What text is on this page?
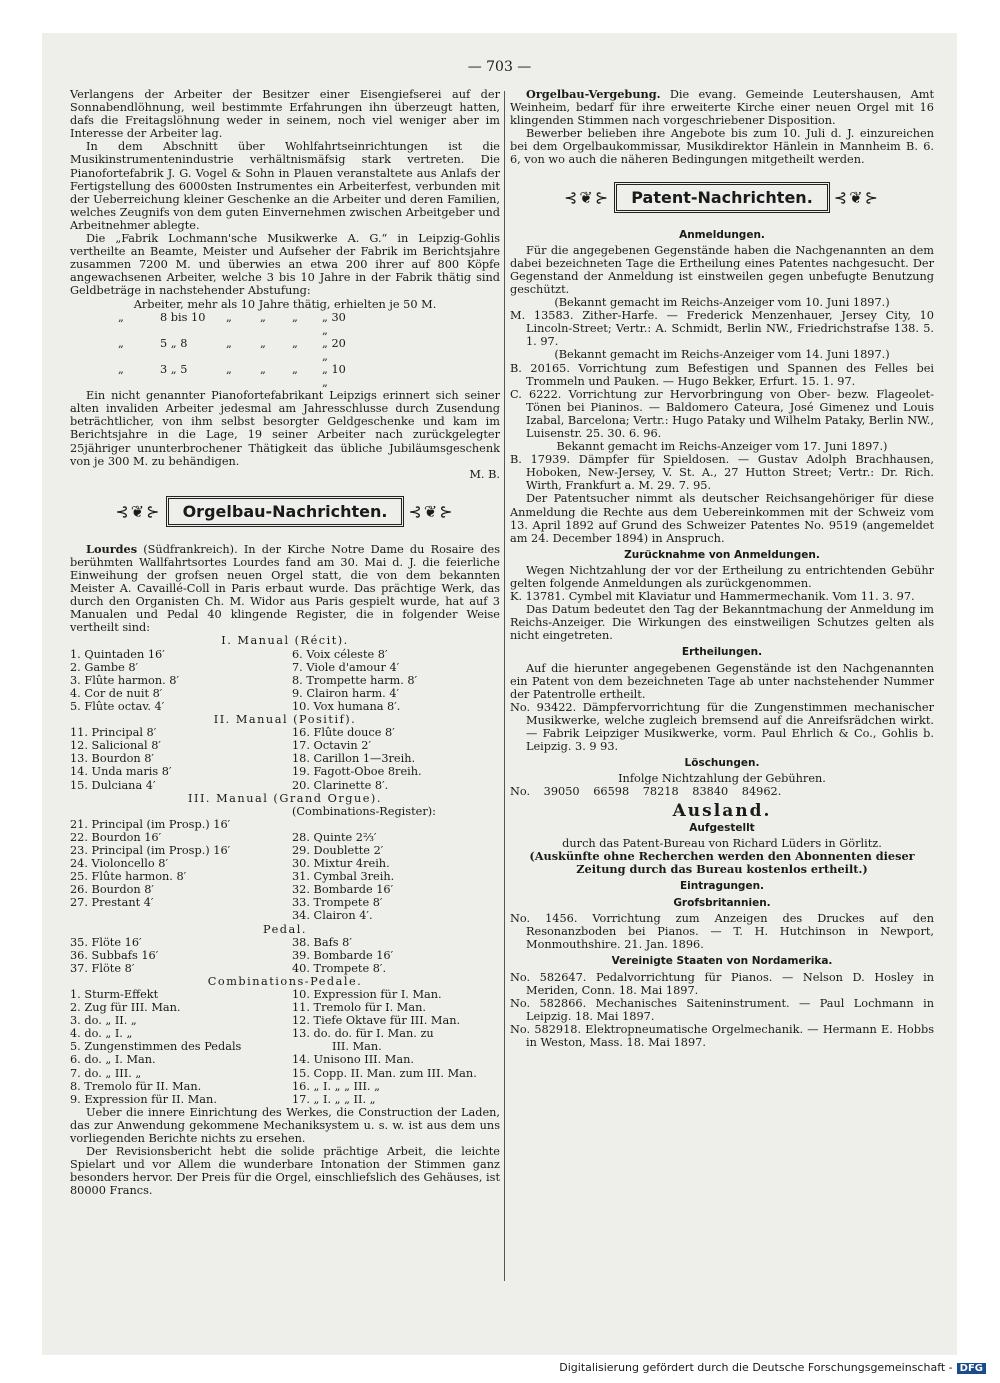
— 703 —

Verlangens der Arbeiter der Besitzer einer Eisengiefserei auf der Sonnabendlöhnung, weil bestimmte Erfahrungen ihn überzeugt hatten, dafs die Freitagslöhnung weder in seinem, noch viel weniger aber im Interesse der Arbeiter lag.

In dem Abschnitt über Wohlfahrtseinrichtungen ist die Musikinstrumentenindustrie verhältnismäfsig stark vertreten. Die Pianofortefabrik J. G. Vogel & Sohn in Plauen veranstaltete aus Anlafs der Fertigstellung des 6000sten Instrumentes ein Arbeiterfest, verbunden mit der Ueberreichung kleiner Geschenke an die Arbeiter und deren Familien, welches Zeugnifs von dem guten Einvernehmen zwischen Arbeitgeber und Arbeitnehmer ablegte.

Die „Fabrik Lochmann'sche Musikwerke A. G.“ in Leipzig-Gohlis vertheilte an Beamte, Meister und Aufseher der Fabrik im Berichtsjahre zusammen 7200 M. und überwies an etwa 200 ihrer auf 800 Köpfe angewachsenen Arbeiter, welche 3 bis 10 Jahre in der Fabrik thätig sind Geldbeträge in nachstehender Abstufung:

Arbeiter, mehr als 10 Jahre thätig, erhielten je 50 M.

„	8 bis 10	„	„	„	„ 30 „
„	5 „ 8	„	„	„	„ 20 „
„	3 „ 5	„	„	„	„ 10 „

Ein nicht genannter Pianofortefabrikant Leipzigs erinnert sich seiner alten invaliden Arbeiter jedesmal am Jahresschlusse durch Zusendung beträchtlicher, von ihm selbst besorgter Geldgeschenke und kam im Berichtsjahre in die Lage, 19 seiner Arbeiter nach zurückgelegter 25jähriger ununterbrochener Thätigkeit das übliche Jubiläumsgeschenk von je 300 M. zu behändigen.

M. B.

⊰❦⊱	Orgelbau-Nachrichten.	⊰❦⊱

Lourdes (Südfrankreich). In der Kirche Notre Dame du Rosaire des berühmten Wallfahrtsortes Lourdes fand am 30. Mai d. J. die feierliche Einweihung der grofsen neuen Orgel statt, die von dem bekannten Meister A. Cavaillé-Coll in Paris erbaut wurde. Das prächtige Werk, das durch den Organisten Ch. M. Widor aus Paris gespielt wurde, hat auf 3 Manualen und Pedal 40 klingende Register, die in folgender Weise vertheilt sind:

I. Manual (Récit).

1. Quintaden 16′	6. Voix céleste 8′
2. Gambe 8′	7. Viole d'amour 4′
3. Flûte harmon. 8′	8. Trompette harm. 8′
4. Cor de nuit 8′	9. Clairon harm. 4′
5. Flûte octav. 4′	10. Vox humana 8′.

II. Manual (Positif).

11. Principal 8′	16. Flûte douce 8′
12. Salicional 8′	17. Octavin 2′
13. Bourdon 8′	18. Carillon 1—3reih.
14. Unda maris 8′	19. Fagott-Oboe 8reih.
15. Dulciana 4′	20. Clarinette 8′.

III. Manual (Grand Orgue).

(Combinations-Register):
21. Principal (im Prosp.) 16′
22. Bourdon 16′	28. Quinte 2⅔′
23. Principal (im Prosp.) 16′	29. Doublette 2′
24. Violoncello 8′	30. Mixtur 4reih.
25. Flûte harmon. 8′	31. Cymbal 3reih.
26. Bourdon 8′	32. Bombarde 16′
27. Prestant 4′	33. Trompete 8′
34. Clairon 4′.

Pedal.

35. Flöte 16′	38. Bafs 8′
36. Subbafs 16′	39. Bombarde 16′
37. Flöte 8′	40. Trompete 8′.

Combinations-Pedale.

1. Sturm-Effekt	10. Expression für I. Man.
2. Zug für III. Man.	11. Tremolo für I. Man.
3. do. „ II. „	12. Tiefe Oktave für III. Man.
4. do. „ I. „	13. do. do. für I. Man. zu
5. Zungenstimmen des Pedals	III. Man.
6. do. „ I. Man.	14. Unisono III. Man.
7. do. „ III. „	15. Copp. II. Man. zum III. Man.
8. Tremolo für II. Man.	16. „ I. „ „ III. „
9. Expression für II. Man.	17. „ I. „ „ II. „

Ueber die innere Einrichtung des Werkes, die Construction der Laden, das zur Anwendung gekommene Mechaniksystem u. s. w. ist aus dem uns vorliegenden Berichte nichts zu ersehen.

Der Revisionsbericht hebt die solide prächtige Arbeit, die leichte Spielart und vor Allem die wunderbare Intonation der Stimmen ganz besonders hervor. Der Preis für die Orgel, einschliefslich des Gehäuses, ist 80000 Francs.

Orgelbau-Vergebung. Die evang. Gemeinde Leutershausen, Amt Weinheim, bedarf für ihre erweiterte Kirche einer neuen Orgel mit 16 klingenden Stimmen nach vorgeschriebener Disposition.

Bewerber belieben ihre Angebote bis zum 10. Juli d. J. einzureichen bei dem Orgelbaukommissar, Musikdirektor Hänlein in Mannheim B. 6. 6, von wo auch die näheren Bedingungen mitgetheilt werden.

⊰❦⊱	Patent-Nachrichten.	⊰❦⊱

Anmeldungen.

Für die angegebenen Gegenstände haben die Nachgenannten an dem dabei bezeichneten Tage die Ertheilung eines Patentes nachgesucht. Der Gegenstand der Anmeldung ist einstweilen gegen unbefugte Benutzung geschützt.

(Bekannt gemacht im Reichs-Anzeiger vom 10. Juni 1897.)

M. 13583. Zither-Harfe. — Frederick Menzenhauer, Jersey City, 10 Lincoln-Street; Vertr.: A. Schmidt, Berlin NW., Friedrichstrafse 138. 5. 1. 97.

(Bekannt gemacht im Reichs-Anzeiger vom 14. Juni 1897.)

B. 20165. Vorrichtung zum Befestigen und Spannen des Felles bei Trommeln und Pauken. — Hugo Bekker, Erfurt. 15. 1. 97.

C. 6222. Vorrichtung zur Hervorbringung von Ober- bezw. Flageolet-Tönen bei Pianinos. — Baldomero Cateura, José Gimenez und Louis Izabal, Barcelona; Vertr.: Hugo Pataky und Wilhelm Pataky, Berlin NW., Luisenstr. 25. 30. 6. 96.

Bekannt gemacht im Reichs-Anzeiger vom 17. Juni 1897.)

B. 17939. Dämpfer für Spieldosen. — Gustav Adolph Brachhausen, Hoboken, New-Jersey, V. St. A., 27 Hutton Street; Vertr.: Dr. Rich. Wirth, Frankfurt a. M. 29. 7. 95.

Der Patentsucher nimmt als deutscher Reichsangehöriger für diese Anmeldung die Rechte aus dem Uebereinkommen mit der Schweiz vom 13. April 1892 auf Grund des Schweizer Patentes No. 9519 (angemeldet am 24. December 1894) in Anspruch.

Zurücknahme von Anmeldungen.

Wegen Nichtzahlung der vor der Ertheilung zu entrichtenden Gebühr gelten folgende Anmeldungen als zurückgenommen.

K. 13781. Cymbel mit Klaviatur und Hammermechanik. Vom 11. 3. 97.

Das Datum bedeutet den Tag der Bekanntmachung der Anmeldung im Reichs-Anzeiger. Die Wirkungen des einstweiligen Schutzes gelten als nicht eingetreten.

Ertheilungen.

Auf die hierunter angegebenen Gegenstände ist den Nachgenannten ein Patent von dem bezeichneten Tage ab unter nachstehender Nummer der Patentrolle ertheilt.

No. 93422. Dämpfervorrichtung für die Zungenstimmen mechanischer Musikwerke, welche zugleich bremsend auf die Anreifsrädchen wirkt. — Fabrik Leipziger Musikwerke, vorm. Paul Ehrlich & Co., Gohlis b. Leipzig. 3. 9 93.

Löschungen.

Infolge Nichtzahlung der Gebühren.

No. 39050 66598 78218 83840 84962.

Ausland.

Aufgestellt

durch das Patent-Bureau von Richard Lüders in Görlitz.

(Auskünfte ohne Recherchen werden den Abonnenten dieser Zeitung durch das Bureau kostenlos ertheilt.)

Eintragungen.

Grofsbritannien.

No. 1456. Vorrichtung zum Anzeigen des Druckes auf den Resonanzboden bei Pianos. — T. H. Hutchinson in Newport, Monmouthshire. 21. Jan. 1896.

Vereinigte Staaten von Nordamerika.

No. 582647. Pedalvorrichtung für Pianos. — Nelson D. Hosley in Meriden, Conn. 18. Mai 1897.

No. 582866. Mechanisches Saiteninstrument. — Paul Lochmann in Leipzig. 18. Mai 1897.

No. 582918. Elektropneumatische Orgelmechanik. — Hermann E. Hobbs in Weston, Mass. 18. Mai 1897.

Digitalisierung gefördert durch die Deutsche Forschungsgemeinschaft - DFG
